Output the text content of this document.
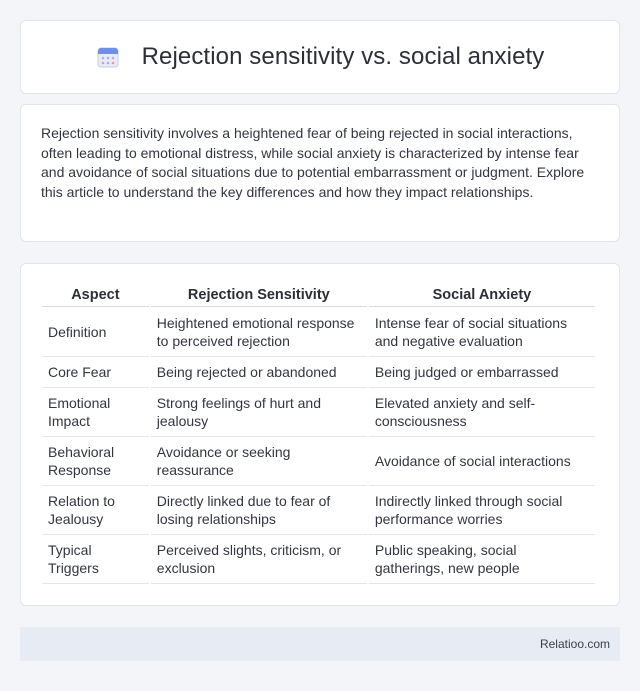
Rejection sensitivity vs. social anxiety

Rejection sensitivity involves a heightened fear of being rejected in social interactions, often leading to emotional distress, while social anxiety is characterized by intense fear and avoidance of social situations due to potential embarrassment or judgment. Explore this article to understand the key differences and how they impact relationships.

Aspect	Rejection Sensitivity	Social Anxiety
Definition	Heightened emotional response to perceived rejection	Intense fear of social situations and negative evaluation
Core Fear	Being rejected or abandoned	Being judged or embarrassed
Emotional Impact	Strong feelings of hurt and jealousy	Elevated anxiety and self-consciousness
Behavioral Response	Avoidance or seeking reassurance	Avoidance of social interactions
Relation to Jealousy	Directly linked due to fear of losing relationships	Indirectly linked through social performance worries
Typical Triggers	Perceived slights, criticism, or exclusion	Public speaking, social gatherings, new people
Relatioo.com
